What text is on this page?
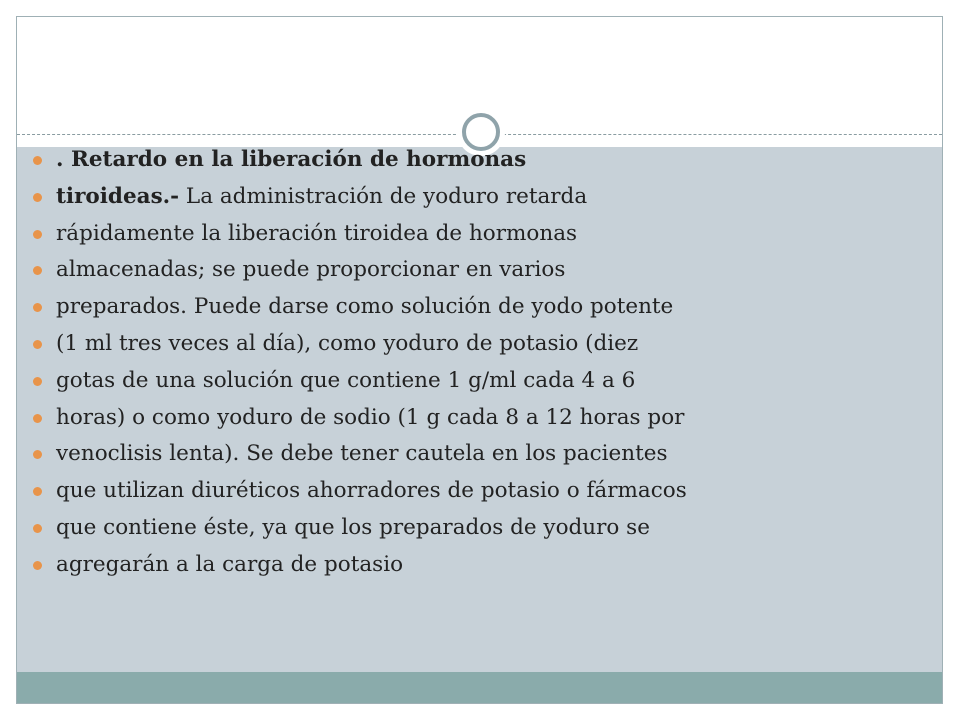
. Retardo en la liberación de hormonas
tiroideas.- La administración de yoduro retarda
rápidamente la liberación tiroidea de hormonas
almacenadas; se puede proporcionar en varios
preparados. Puede darse como solución de yodo potente
(1 ml tres veces al día), como yoduro de potasio (diez
gotas de una solución que contiene 1 g/ml cada 4 a 6
horas) o como yoduro de sodio (1 g cada 8 a 12 horas por
venoclisis lenta). Se debe tener cautela en los pacientes
que utilizan diuréticos ahorradores de potasio o fármacos
que contiene éste, ya que los preparados de yoduro se
agregarán a la carga de potasio
